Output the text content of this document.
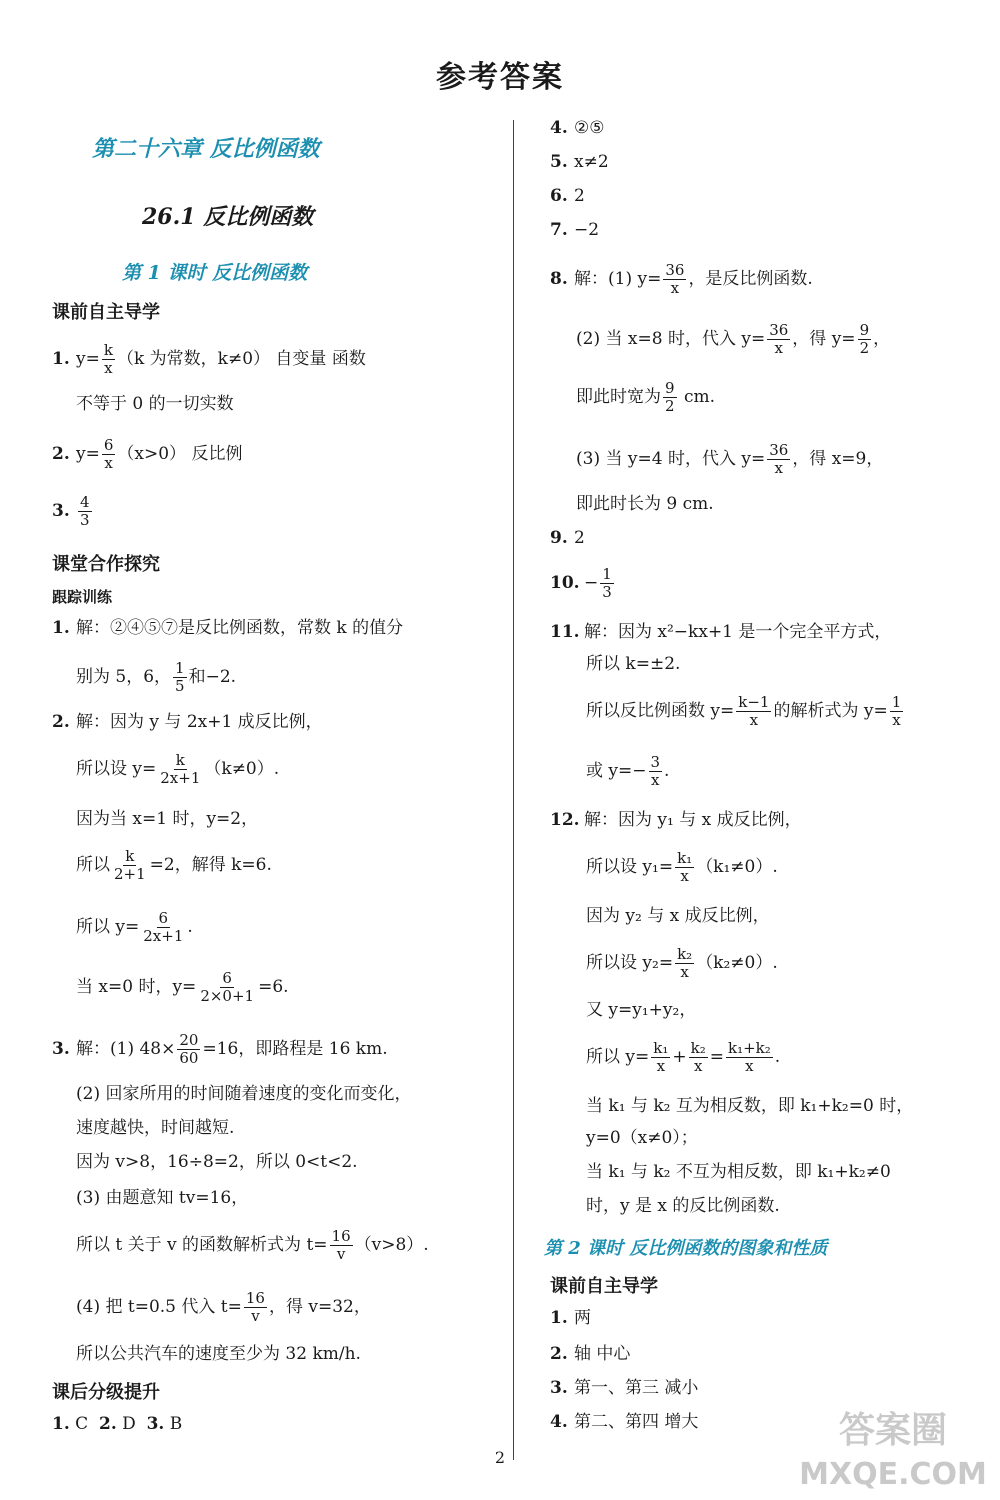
参考答案
第二十六章 反比例函数
26.1 反比例函数
第 1 课时 反比例函数
课前自主导学
1. $y= \frac{k}{x} (k$ 为常数，k≠0） 自变量 函数
不等于 0 的一切实数
2. $y= \frac{6}{x} (x>0)$ 反比例
3. $\frac{4}{3}$
课堂合作探究
跟踪训练
1. 解：②④⑤⑦是反比例函数，常数 k 的值分
别为 5，6， $\frac{1}{5}$ 和−2.
2. 解：因为 y 与 2x+1 成反比例，
所以设 $y= \frac{k}{2x+1} (k\ne 0)$.
因为当 x=1 时，y=2，
所以 $\frac{k}{2+1} =2$，解得 k=6.
所以 $y= \frac{6}{2x+1}$ .
当 x=0 时，$y= \frac{6}{2\times 0+1} =6$.
3. 解：(1) $48\times \frac{20}{60} =16$，即路程是 16 km.
(2) 回家所用的时间随着速度的变化而变化，
速度越快，时间越短.
因为 v>8，16÷8=2，所以 0<t<2.
(3) 由题意知 tv=16，
所以 t 关于 v 的函数解析式为 $t= \frac{16}{v} (v>8)$.
(4) 把 t=0.5 代入 $t= \frac{16}{v}$ ，得 v=32，
所以公共汽车的速度至少为 32 km/h.
课后分级提升
1. C 2. D 3. B
4. ②⑤
5. x≠2
6. 2
7. −2
8. 解：(1) $y= \frac{36}{x}$ ，是反比例函数.
(2) 当 x=8 时，代入 $y= \frac{36}{x}$ ，得 $y= \frac{9}{2}$ ，
即此时宽为 $\frac{9}{2}$ cm.
(3) 当 y=4 时，代入 $y= \frac{36}{x}$ ，得 x=9，
即此时长为 9 cm.
9. 2
10. − $\frac{1}{3}$
11. 解：因为 x²−kx+1 是一个完全平方式，
所以 k=±2.
所以反比例函数 $y= \frac{k-1}{x}$ 的解析式为 $y= \frac{1}{x}$
或 $y=- \frac{3}{x}$ .
12. 解：因为 y₁ 与 x 成反比例，
所以设 $y_1= \frac{\text{k₁}}{x} (k_1\ne 0)$.
因为 y₂ 与 x 成反比例，
所以设 $y_2= \frac{\text{k₂}}{x} (k_2\ne 0)$.
又 y=y₁+y₂，
所以 $y= \frac{\text{k₁}}{x} + \frac{\text{k₂}}{x} = \frac{\text{k₁+k₂}}{x}$ .
当 k₁ 与 k₂ 互为相反数，即 k₁+k₂=0 时，
y=0（x≠0）；
当 k₁ 与 k₂ 不互为相反数，即 k₁+k₂≠0
时，y 是 x 的反比例函数.
第 2 课时 反比例函数的图象和性质
课前自主导学
1. 两
2. 轴 中心
3. 第一、第三 减小
4. 第二、第四 增大
2
答案圈
MXQE.COM
